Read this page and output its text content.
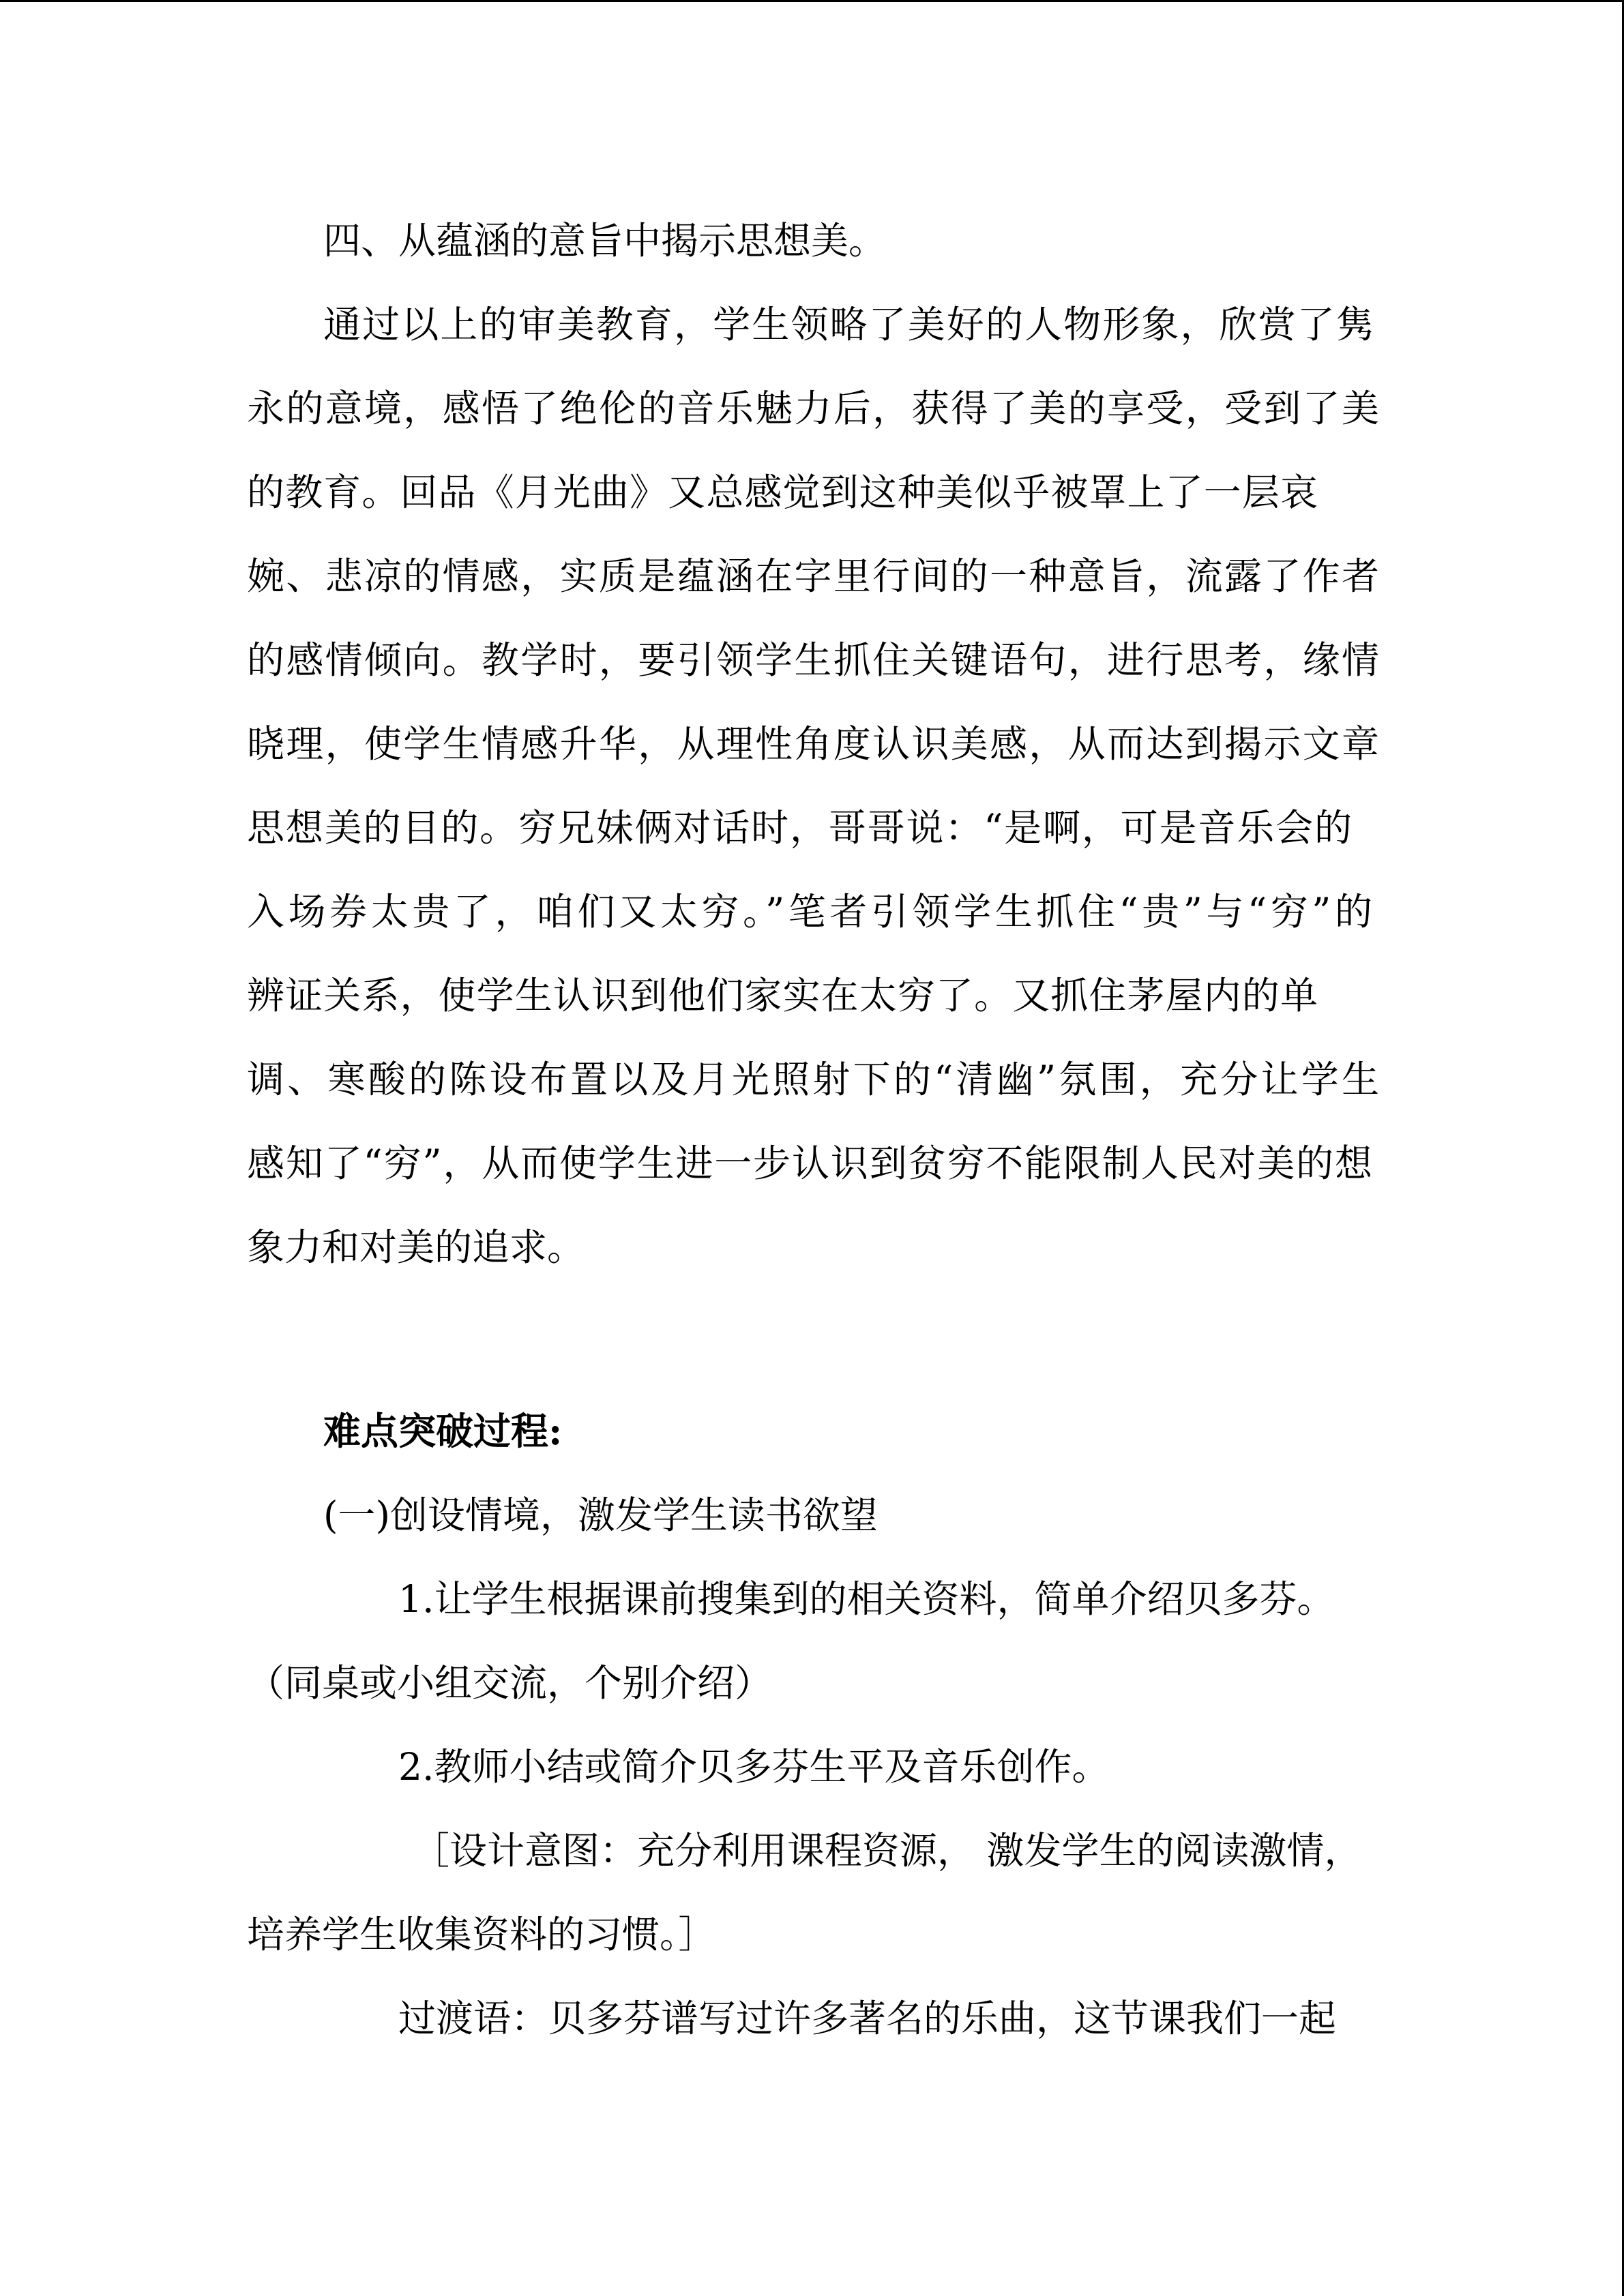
四、从蕴涵的意旨中揭示思想美。
通过以上的审美教育，学生领略了美好的人物形象，欣赏了隽
永的意境，感悟了绝伦的音乐魅力后，获得了美的享受，受到了美
的教育。回品《月光曲》又总感觉到这种美似乎被罩上了一层哀
婉、悲凉的情感，实质是蕴涵在字里行间的一种意旨，流露了作者
的感情倾向。教学时，要引领学生抓住关键语句，进行思考，缘情
晓理，使学生情感升华，从理性角度认识美感，从而达到揭示文章
思想美的目的。穷兄妹俩对话时，哥哥说：“是啊，可是音乐会的
入场券太贵了，咱们又太穷。”笔者引领学生抓住“贵”与“穷”的
辨证关系，使学生认识到他们家实在太穷了。又抓住茅屋内的单
调、寒酸的陈设布置以及月光照射下的“清幽”氛围，充分让学生
感知了“穷”，从而使学生进一步认识到贫穷不能限制人民对美的想
象力和对美的追求。
难点突破过程:
(一)创设情境，激发学生读书欲望
1.让学生根据课前搜集到的相关资料，简单介绍贝多芬。
（同桌或小组交流，个别介绍）
2.教师小结或简介贝多芬生平及音乐创作。
［设计意图：充分利用课程资源， 激发学生的阅读激情，
培养学生收集资料的习惯。］
过渡语：贝多芬谱写过许多著名的乐曲，这节课我们一起
